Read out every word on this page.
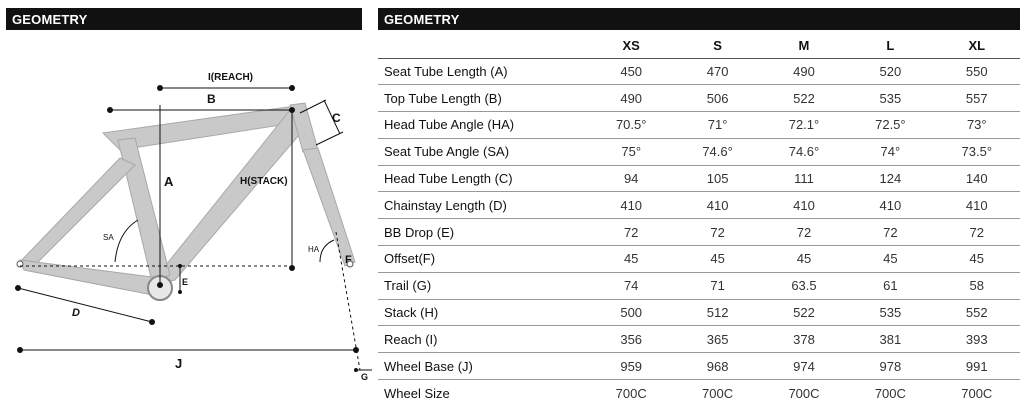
GEOMETRY	GEOMETRY
I(REACH)
B
C
A	H(STACK)
SA
HA
F
E
D
J
G
	XS	S	M	L	XL
Seat Tube Length (A)	450	470	490	520	550
Top Tube Length (B)	490	506	522	535	557
Head Tube Angle (HA)	70.5°	71°	72.1°	72.5°	73°
Seat Tube Angle (SA)	75°	74.6°	74.6°	74°	73.5°
Head Tube Length (C)	94	105	111	124	140
Chainstay Length (D)	410	410	410	410	410
BB Drop (E)	72	72	72	72	72
Offset(F)	45	45	45	45	45
Trail (G)	74	71	63.5	61	58
Stack (H)	500	512	522	535	552
Reach (I)	356	365	378	381	393
Wheel Base (J)	959	968	974	978	991
Wheel Size	700C	700C	700C	700C	700C
